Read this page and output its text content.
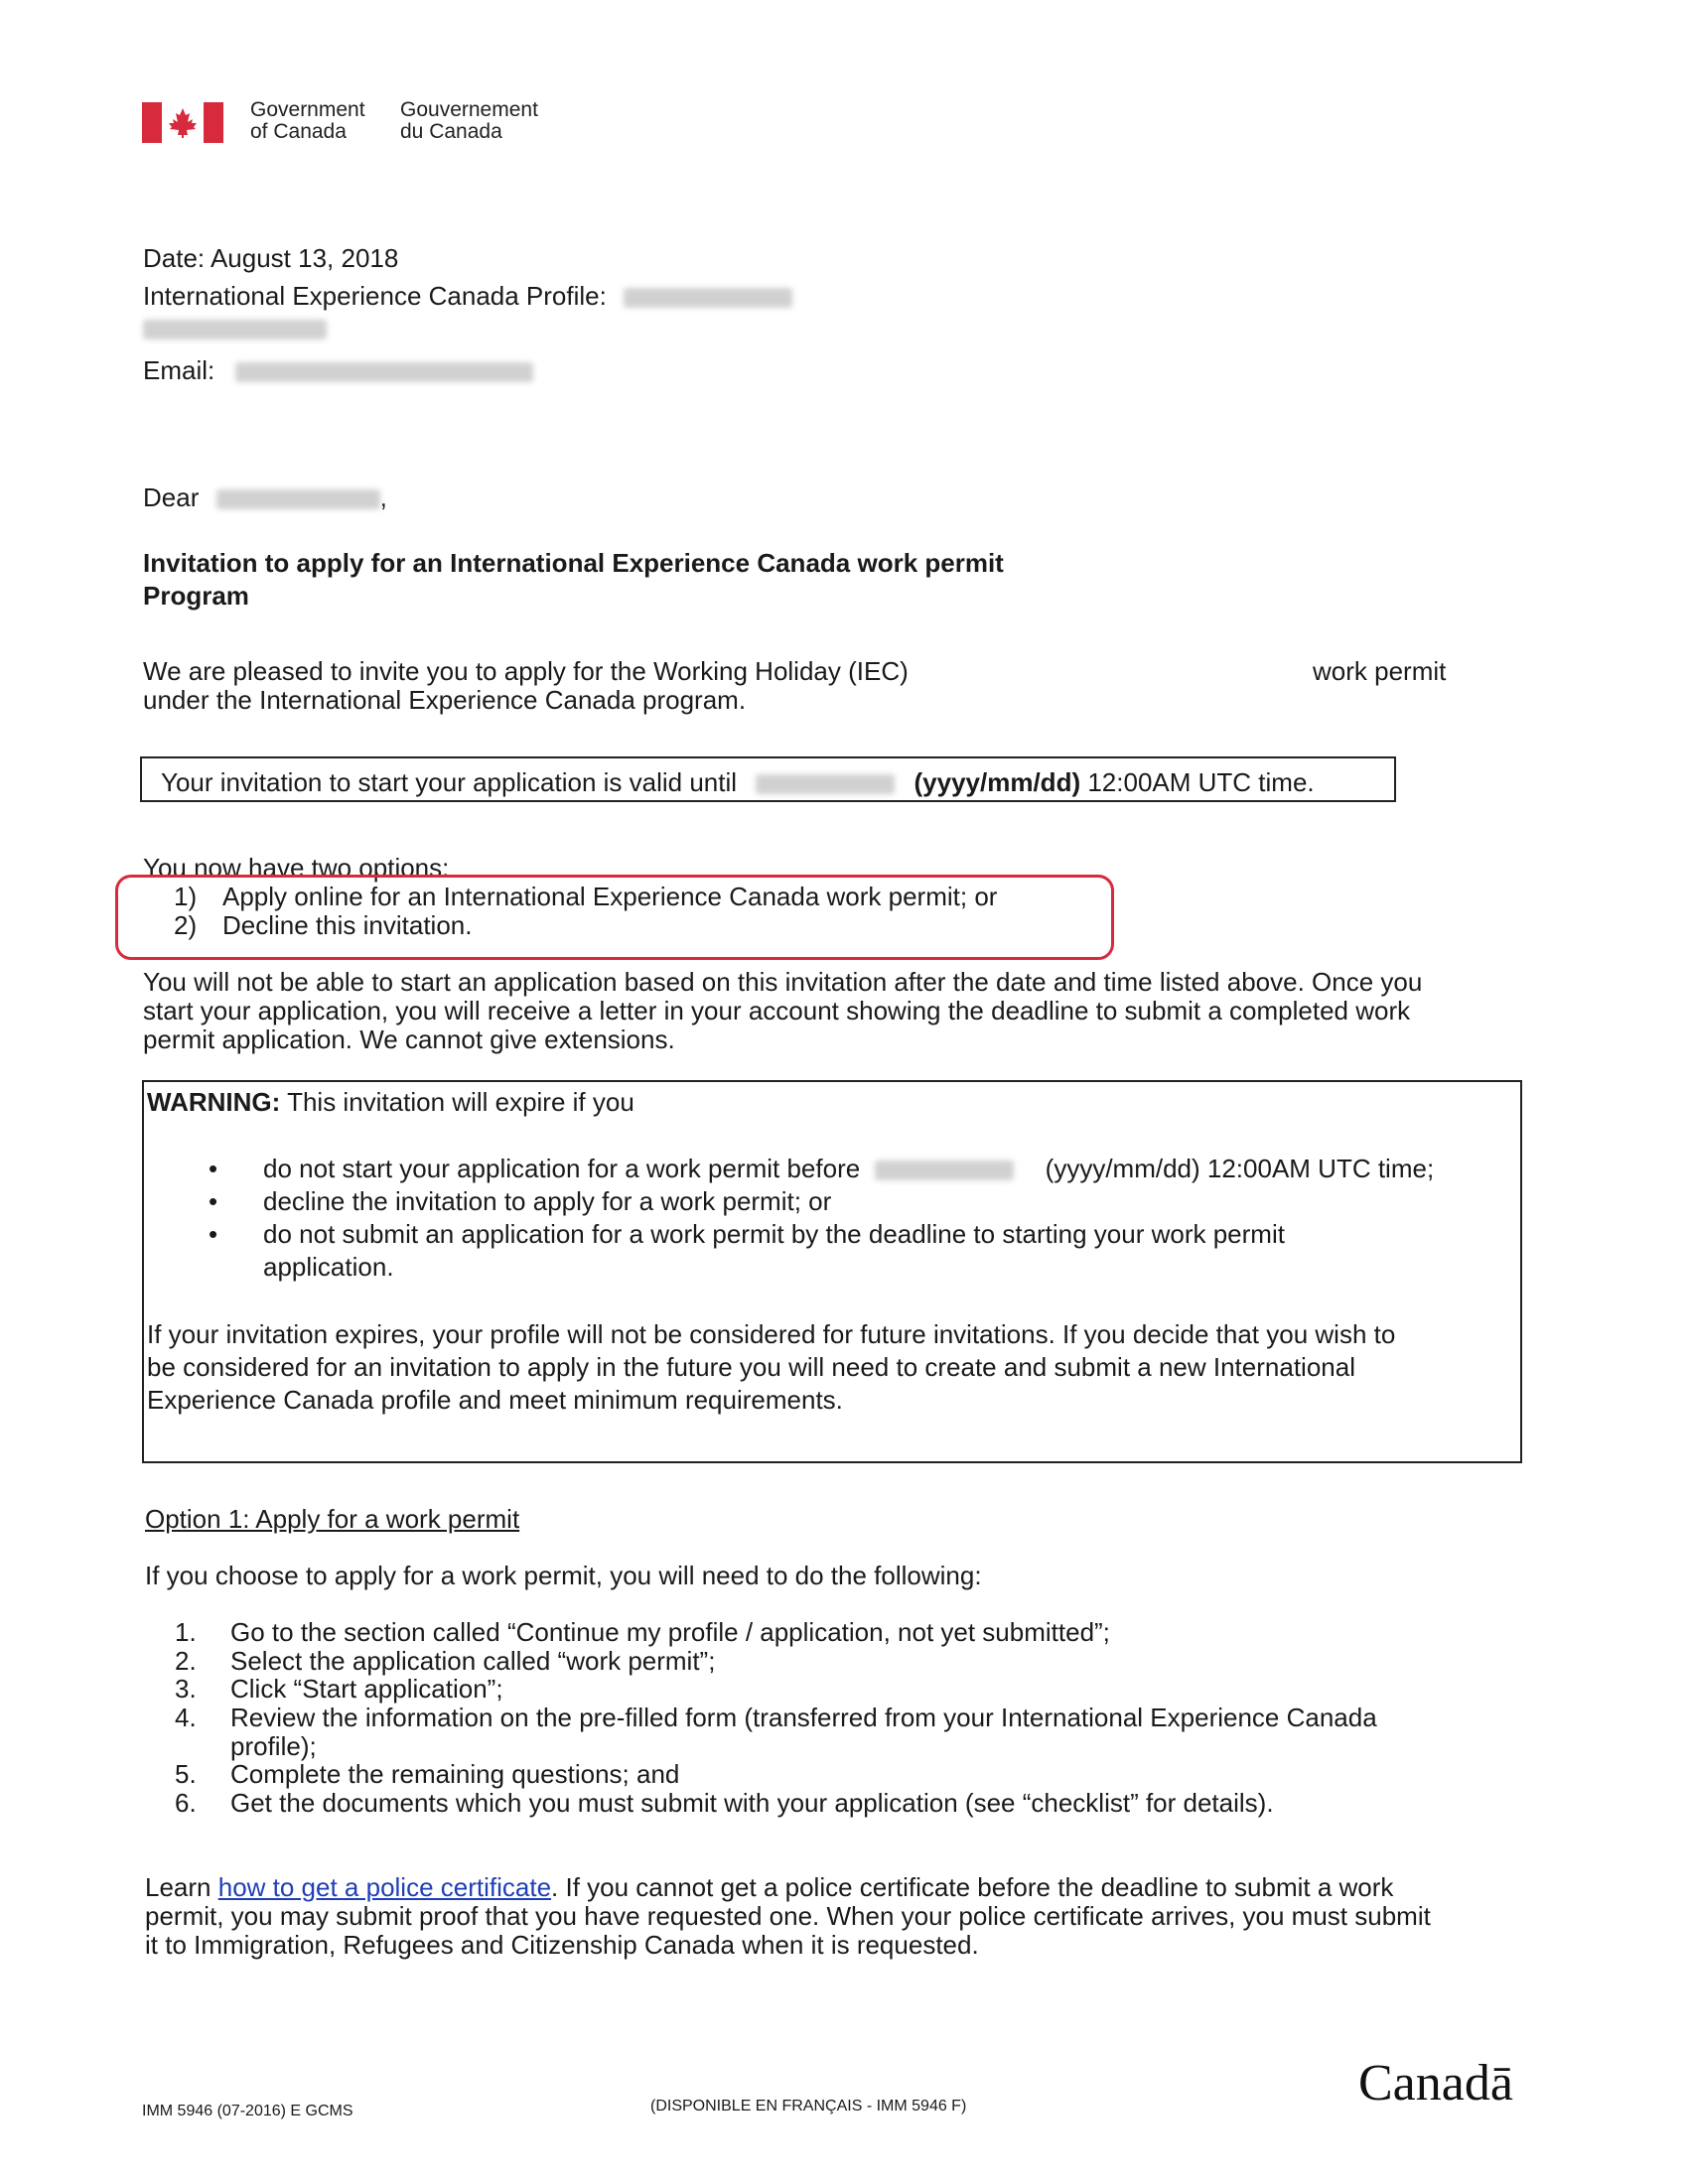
Government
of Canada
Gouvernement
du Canada
Date: August 13, 2018
International Experience Canada Profile:
Email:
Dear	,
Invitation to apply for an International Experience Canada work permit
Program
We are pleased to invite you to apply for the Working Holiday (IEC)	work permit
under the International Experience Canada program.
Your invitation to start your application is valid until	(yyyy/mm/dd) 12:00AM UTC time.
You now have two options:
1) Apply online for an International Experience Canada work permit; or
2) Decline this invitation.
You will not be able to start an application based on this invitation after the date and time listed above. Once you
start your application, you will receive a letter in your account showing the deadline to submit a completed work
permit application. We cannot give extensions.
WARNING: This invitation will expire if you
• do not start your application for a work permit before	(yyyy/mm/dd) 12:00AM UTC time;
• decline the invitation to apply for a work permit; or
• do not submit an application for a work permit by the deadline to starting your work permit
application.
If your invitation expires, your profile will not be considered for future invitations. If you decide that you wish to
be considered for an invitation to apply in the future you will need to create and submit a new International
Experience Canada profile and meet minimum requirements.
Option 1: Apply for a work permit
If you choose to apply for a work permit, you will need to do the following:
1. Go to the section called “Continue my profile / application, not yet submitted”;
2. Select the application called “work permit”;
3. Click “Start application”;
4. Review the information on the pre-filled form (transferred from your International Experience Canada
profile);
5. Complete the remaining questions; and
6. Get the documents which you must submit with your application (see “checklist” for details).
Learn how to get a police certificate. If you cannot get a police certificate before the deadline to submit a work
permit, you may submit proof that you have requested one. When your police certificate arrives, you must submit
it to Immigration, Refugees and Citizenship Canada when it is requested.
IMM 5946 (07-2016) E GCMS	(DISPONIBLE EN FRANÇAIS - IMM 5946 F)	Canadā
